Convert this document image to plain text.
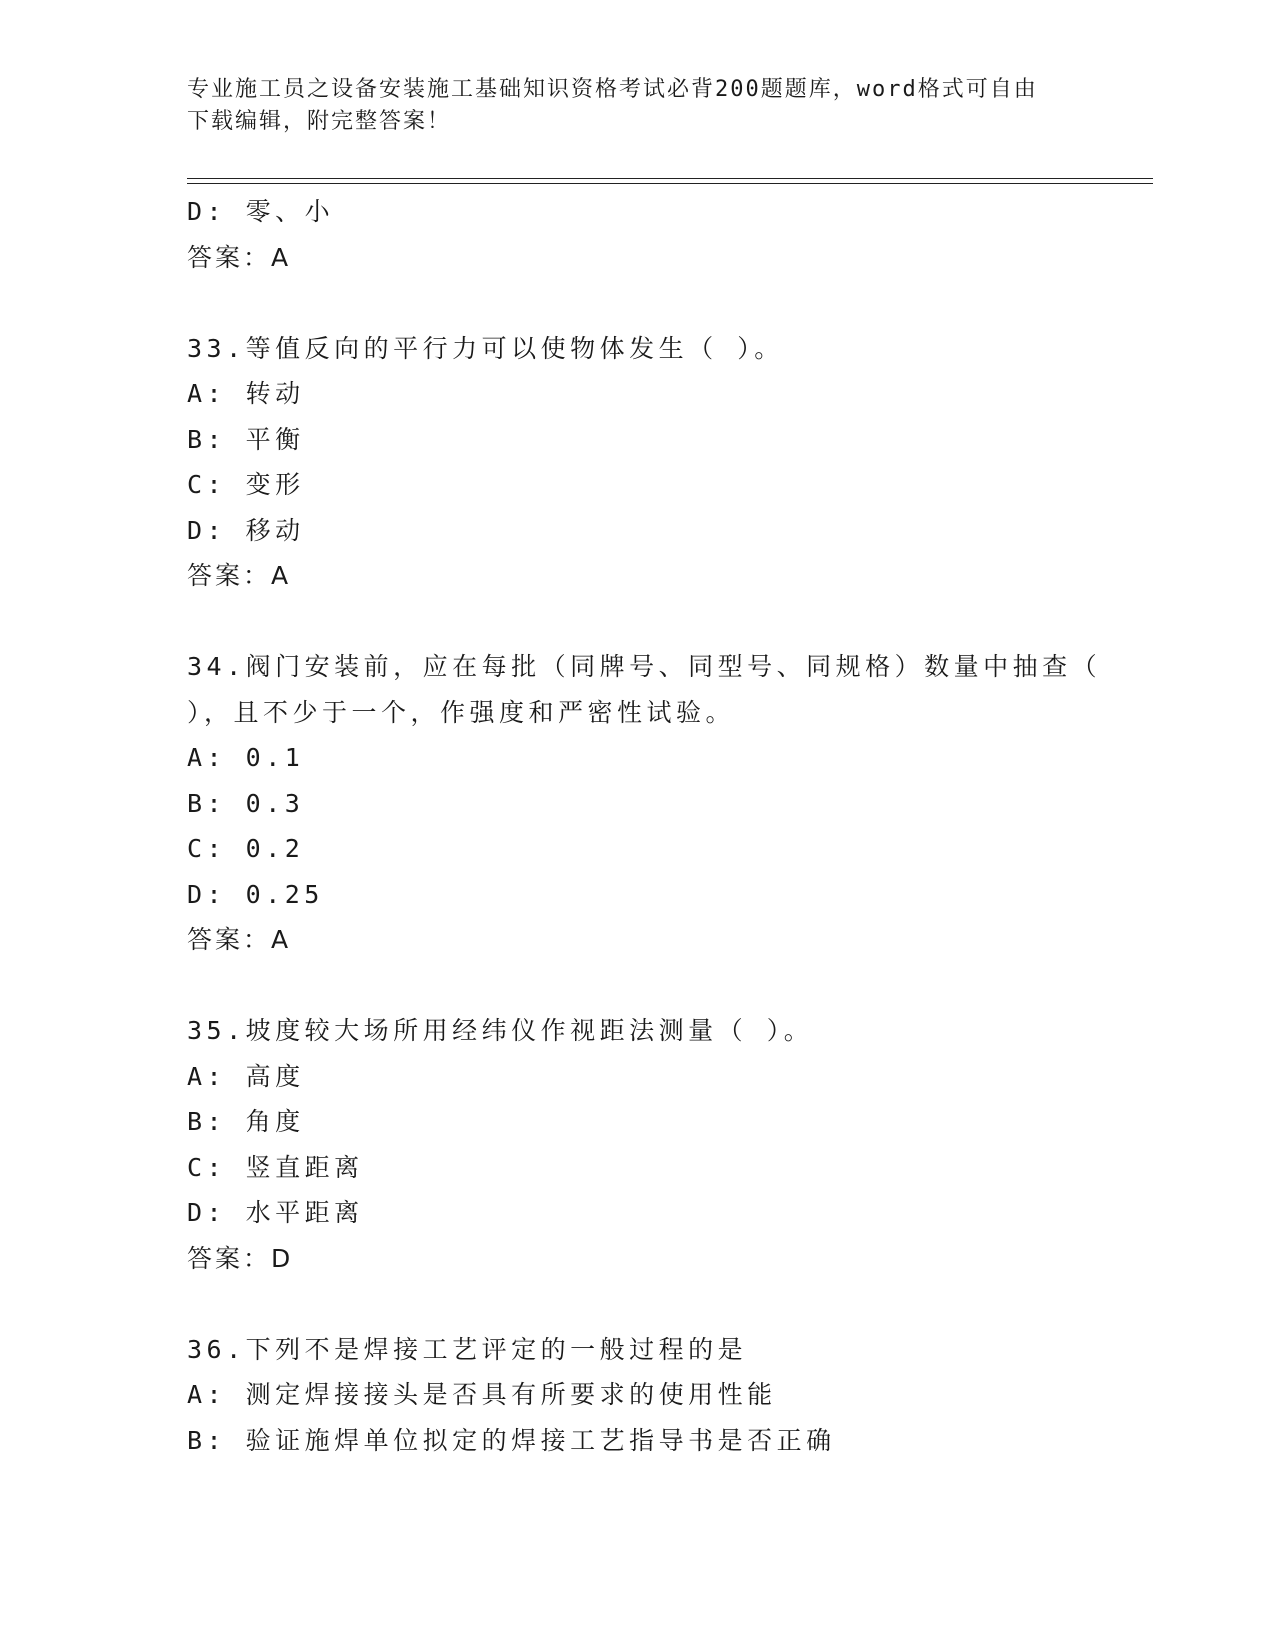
专业施工员之设备安装施工基础知识资格考试必背200题题库，word格式可自由
下载编辑，附完整答案！
D: 零、小
答案：A
33.等值反向的平行力可以使物体发生（ ）。
A: 转动
B: 平衡
C: 变形
D: 移动
答案：A
34.阀门安装前，应在每批（同牌号、同型号、同规格）数量中抽查（
），且不少于一个，作强度和严密性试验。
A: 0.1
B: 0.3
C: 0.2
D: 0.25
答案：A
35.坡度较大场所用经纬仪作视距法测量（ ）。
A: 高度
B: 角度
C: 竖直距离
D: 水平距离
答案：D
36.下列不是焊接工艺评定的一般过程的是
A: 测定焊接接头是否具有所要求的使用性能
B: 验证施焊单位拟定的焊接工艺指导书是否正确
